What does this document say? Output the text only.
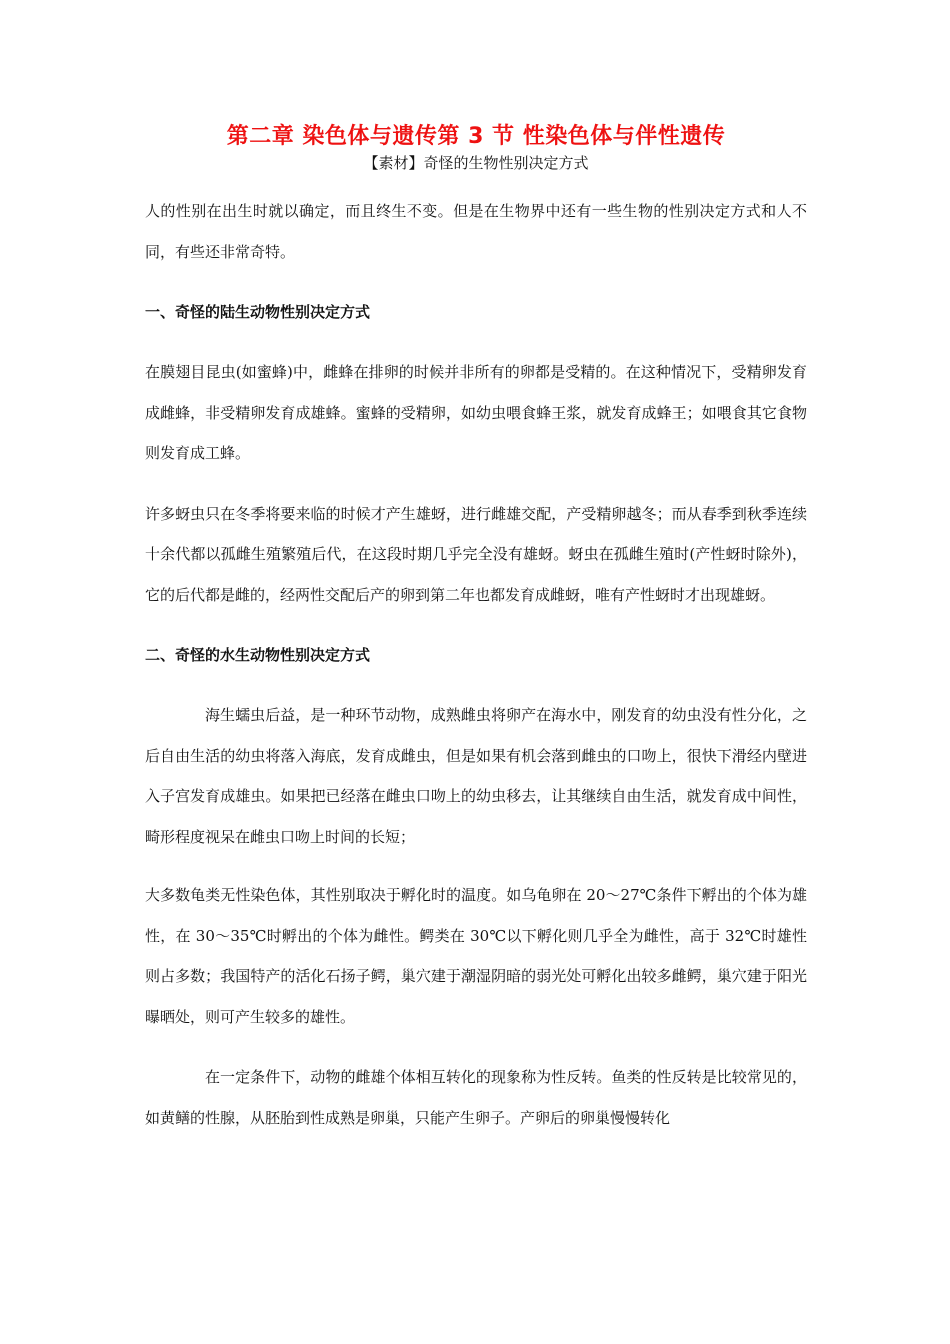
第二章 染色体与遗传第 3 节 性染色体与伴性遗传

【素材】奇怪的生物性别决定方式

人的性别在出生时就以确定，而且终生不变。但是在生物界中还有一些生物的性别决定方式和人不同，有些还非常奇特。

一、奇怪的陆生动物性别决定方式

在膜翅目昆虫(如蜜蜂)中，雌蜂在排卵的时候并非所有的卵都是受精的。在这种情况下，受精卵发育成雌蜂，非受精卵发育成雄蜂。蜜蜂的受精卵，如幼虫喂食蜂王浆，就发育成蜂王；如喂食其它食物则发育成工蜂。

许多蚜虫只在冬季将要来临的时候才产生雄蚜，进行雌雄交配，产受精卵越冬；而从春季到秋季连续十余代都以孤雌生殖繁殖后代，在这段时期几乎完全没有雄蚜。蚜虫在孤雌生殖时(产性蚜时除外)，它的后代都是雌的，经两性交配后产的卵到第二年也都发育成雌蚜，唯有产性蚜时才出现雄蚜。

二、奇怪的水生动物性别决定方式

海生蠕虫后益，是一种环节动物，成熟雌虫将卵产在海水中，刚发育的幼虫没有性分化，之后自由生活的幼虫将落入海底，发育成雌虫，但是如果有机会落到雌虫的口吻上，很快下滑经内壁进入子宫发育成雄虫。如果把已经落在雌虫口吻上的幼虫移去，让其继续自由生活，就发育成中间性，畸形程度视呆在雌虫口吻上时间的长短；

大多数龟类无性染色体，其性别取决于孵化时的温度。如乌龟卵在 20～27℃条件下孵出的个体为雄性，在 30～35℃时孵出的个体为雌性。鳄类在 30℃以下孵化则几乎全为雌性，高于 32℃时雄性则占多数；我国特产的活化石扬子鳄，巢穴建于潮湿阴暗的弱光处可孵化出较多雌鳄，巢穴建于阳光曝晒处，则可产生较多的雄性。

在一定条件下，动物的雌雄个体相互转化的现象称为性反转。鱼类的性反转是比较常见的，如黄鳝的性腺，从胚胎到性成熟是卵巢，只能产生卵子。产卵后的卵巢慢慢转化
